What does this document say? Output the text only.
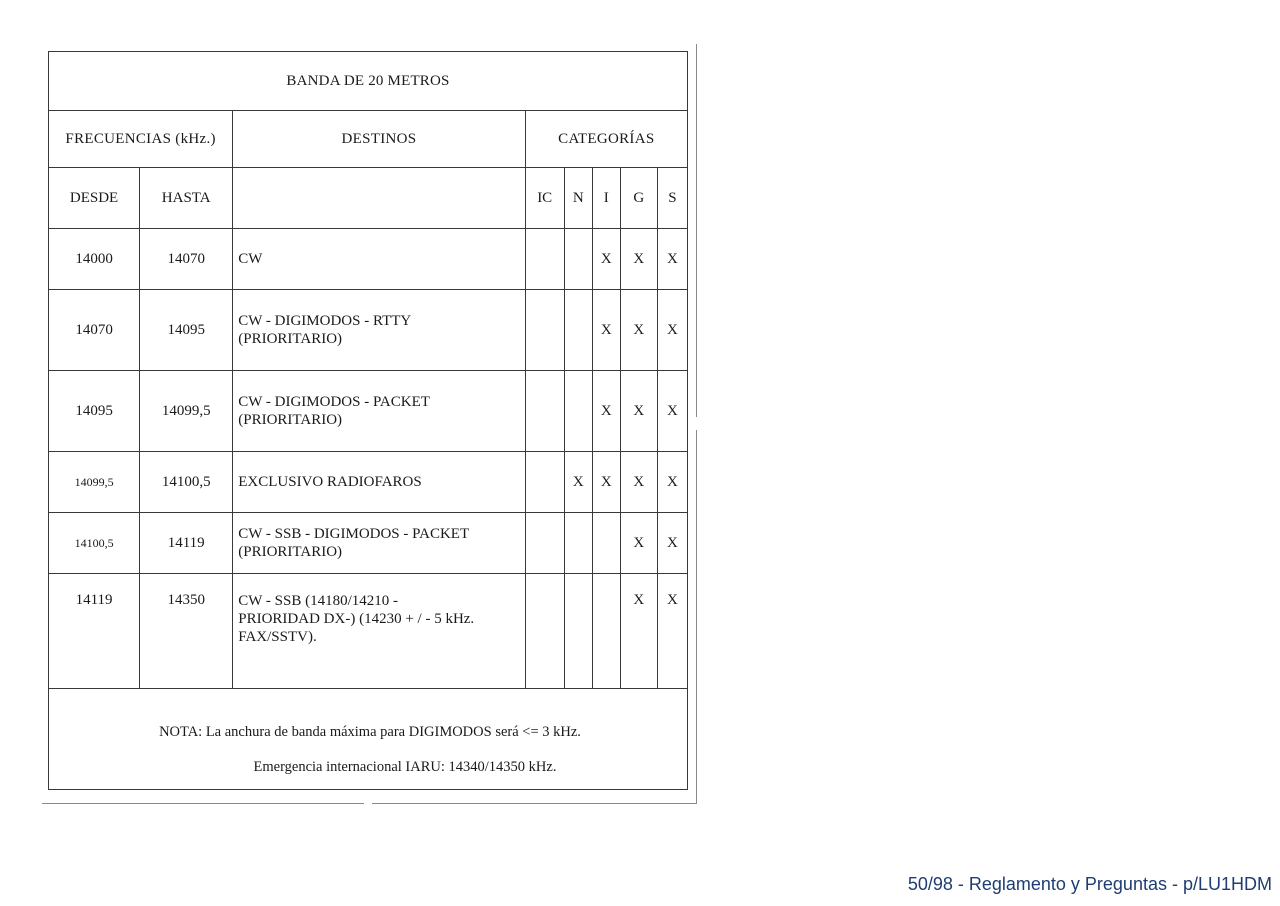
BANDA DE 20 METROS							
FRECUENCIAS (kHz.)		DESTINOS	CATEGORÍAS				
DESDE	HASTA		IC	N	I	G	S
14000	14070	CW			X	X	X
14070	14095	CW - DIGIMODOS - RTTY
(PRIORITARIO)			X	X	X
14095	14099,5	CW - DIGIMODOS - PACKET
(PRIORITARIO)			X	X	X
14099,5	14100,5	EXCLUSIVO RADIOFAROS		X	X	X	X
14100,5	14119	CW - SSB - DIGIMODOS - PACKET
(PRIORITARIO)				X	X
14119	14350	CW - SSB (14180/14210 -
PRIORIDAD DX-) (14230 + / - 5 kHz.
FAX/SSTV).				X	X

NOTA: La anchura de banda máxima para DIGIMODOS será <= 3 kHz.
Emergencia internacional IARU: 14340/14350 kHz.							
50/98 - Reglamento y Preguntas - p/LU1HDM
